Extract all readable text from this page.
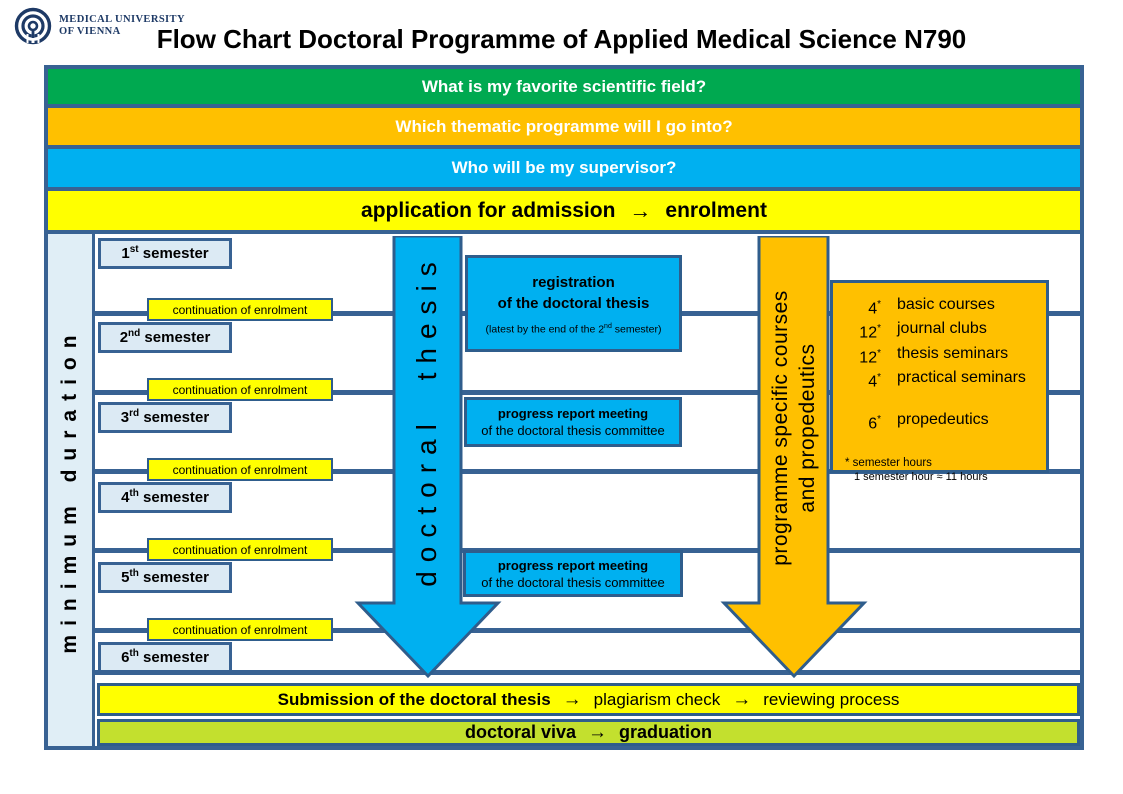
MEDICAL UNIVERSITY
OF VIENNA	Flow Chart Doctoral Programme of Applied Medical Science N790
What is my favorite scientific field?
Which thematic programme will I go into?
Who will be my supervisor?
application for admission → enrolment
minimum duration
1st semester
2nd semester
3rd semester
4th semester
5th semester
6th semester
continuation of enrolment
continuation of enrolment
continuation of enrolment
continuation of enrolment
continuation of enrolment
doctoral thesis	programme specific courses and propedeutics
registration
of the doctoral thesis
(latest by the end of the 2nd semester)
progress report meeting
of the doctoral thesis committee
progress report meeting
of the doctoral thesis committee
4* basic courses
12* journal clubs
12* thesis seminars
4* practical seminars
6* propedeutics
* semester hours
1 semester hour ≈ 11 hours
Submission of the doctoral thesis → plagiarism check → reviewing process
doctoral viva → graduation
